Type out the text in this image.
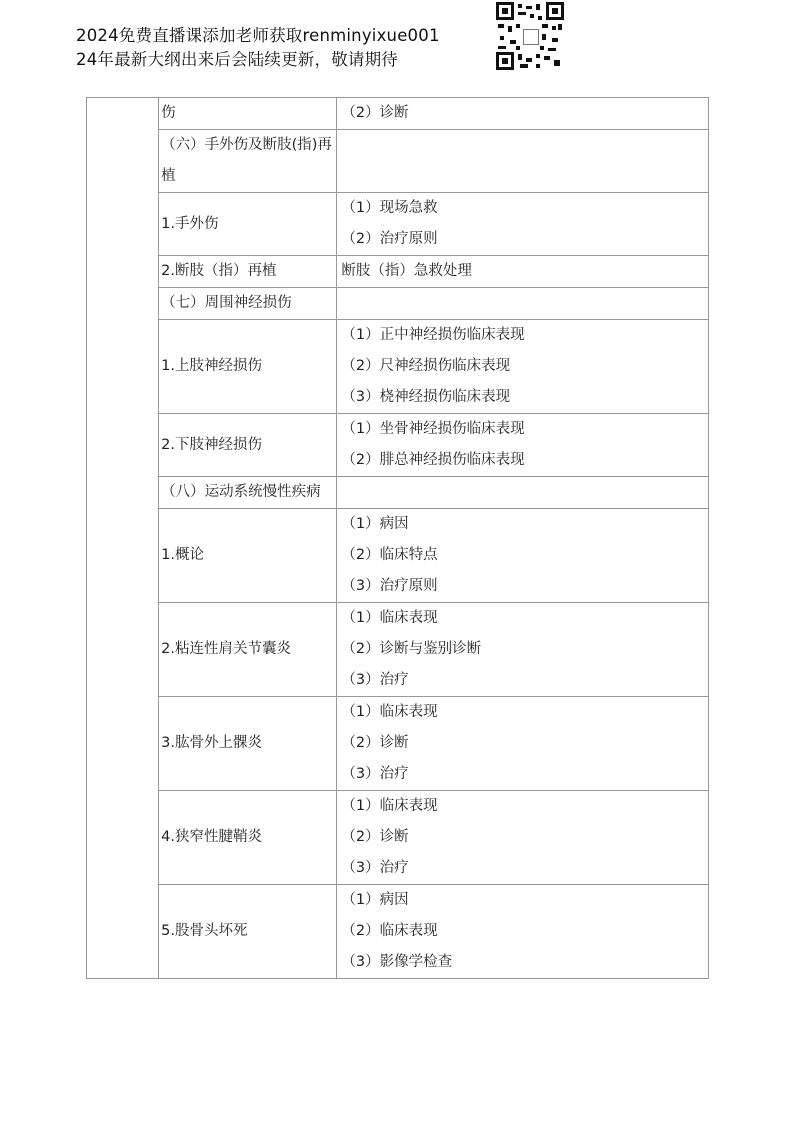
2024免费直播课添加老师获取renminyixue001
24年最新大纲出来后会陆续更新，敬请期待
	伤	（2）诊断

	（六）手外伤及断肢(指)再植	
	1.手外伤	（1）现场急救
（2）治疗原则

	2.断肢（指）再植	断肢（指）急救处理

	（七）周围神经损伤	
	1.上肢神经损伤	（1）正中神经损伤临床表现
（2）尺神经损伤临床表现
（3）桡神经损伤临床表现

	2.下肢神经损伤	（1）坐骨神经损伤临床表现
（2）腓总神经损伤临床表现

	（八）运动系统慢性疾病	
	1.概论	（1）病因
（2）临床特点
（3）治疗原则

	2.粘连性肩关节囊炎	（1）临床表现
（2）诊断与鉴别诊断
（3）治疗

	3.肱骨外上髁炎	（1）临床表现
（2）诊断
（3）治疗

	4.狭窄性腱鞘炎	（1）临床表现
（2）诊断
（3）治疗

	5.股骨头坏死	（1）病因
（2）临床表现
（3）影像学检查
